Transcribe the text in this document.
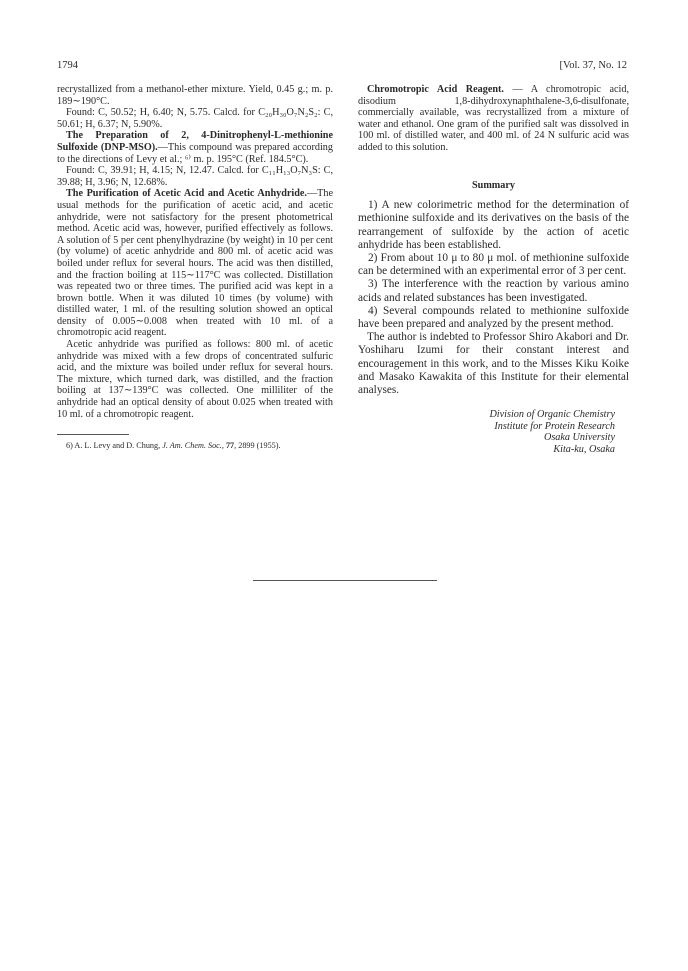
1794	[Vol. 37, No. 12

recrystallized from a methanol-ether mixture. Yield, 0.45 g.; m. p. 189∼190°C.

Found: C, 50.52; H, 6.40; N, 5.75. Calcd. for C₂₀H₃₀O₇N₂S₂: C, 50.61; H, 6.37; N, 5.90%.

The Preparation of 2, 4-Dinitrophenyl-L-methionine Sulfoxide (DNP-MSO).—This compound was prepared according to the directions of Levy et al.; ⁶⁾ m. p. 195°C (Ref. 184.5°C).

Found: C, 39.91; H, 4.15; N, 12.47. Calcd. for C₁₁H₁₃O₇N₃S: C, 39.88; H, 3.96; N, 12.68%.

The Purification of Acetic Acid and Acetic Anhydride.—The usual methods for the purification of acetic acid, and acetic anhydride, were not satisfactory for the present photometrical method. Acetic acid was, however, purified effectively as follows. A solution of 5 per cent phenylhydrazine (by weight) in 10 per cent (by volume) of acetic anhydride and 800 ml. of acetic acid was boiled under reflux for several hours. The acid was then distilled, and the fraction boiling at 115∼117°C was collected. Distillation was repeated two or three times. The purified acid was kept in a brown bottle. When it was diluted 10 times (by volume) with distilled water, 1 ml. of the resulting solution showed an optical density of 0.005∼0.008 when treated with 10 ml. of a chromotropic acid reagent.

Acetic anhydride was purified as follows: 800 ml. of acetic anhydride was mixed with a few drops of concentrated sulfuric acid, and the mixture was boiled under reflux for several hours. The mixture, which turned dark, was distilled, and the fraction boiling at 137∼139°C was collected. One milliliter of the anhydride had an optical density of about 0.025 when treated with 10 ml. of a chromotropic reagent.

6) A. L. Levy and D. Chung, J. Am. Chem. Soc., 77, 2899 (1955).

Chromotropic Acid Reagent. — A chromotropic acid, disodium 1,8-dihydroxynaphthalene-3,6-disulfonate, commercially available, was recrystallized from a mixture of water and ethanol. One gram of the purified salt was dissolved in 100 ml. of distilled water, and 400 ml. of 24 N sulfuric acid was added to this solution.

Summary
1) A new colorimetric method for the determination of methionine sulfoxide and its derivatives on the basis of the rearrangement of sulfoxide by the action of acetic anhydride has been established.
2) From about 10 μ to 80 μ mol. of methionine sulfoxide can be determined with an experimental error of 3 per cent.
3) The interference with the reaction by various amino acids and related substances has been investigated.
4) Several compounds related to methionine sulfoxide have been prepared and analyzed by the present method.

The author is indebted to Professor Shiro Akabori and Dr. Yoshiharu Izumi for their constant interest and encouragement in this work, and to the Misses Kiku Koike and Masako Kawakita of this Institute for their elemental analyses.

Division of Organic Chemistry
Institute for Protein Research
Osaka University
Kita-ku, Osaka
